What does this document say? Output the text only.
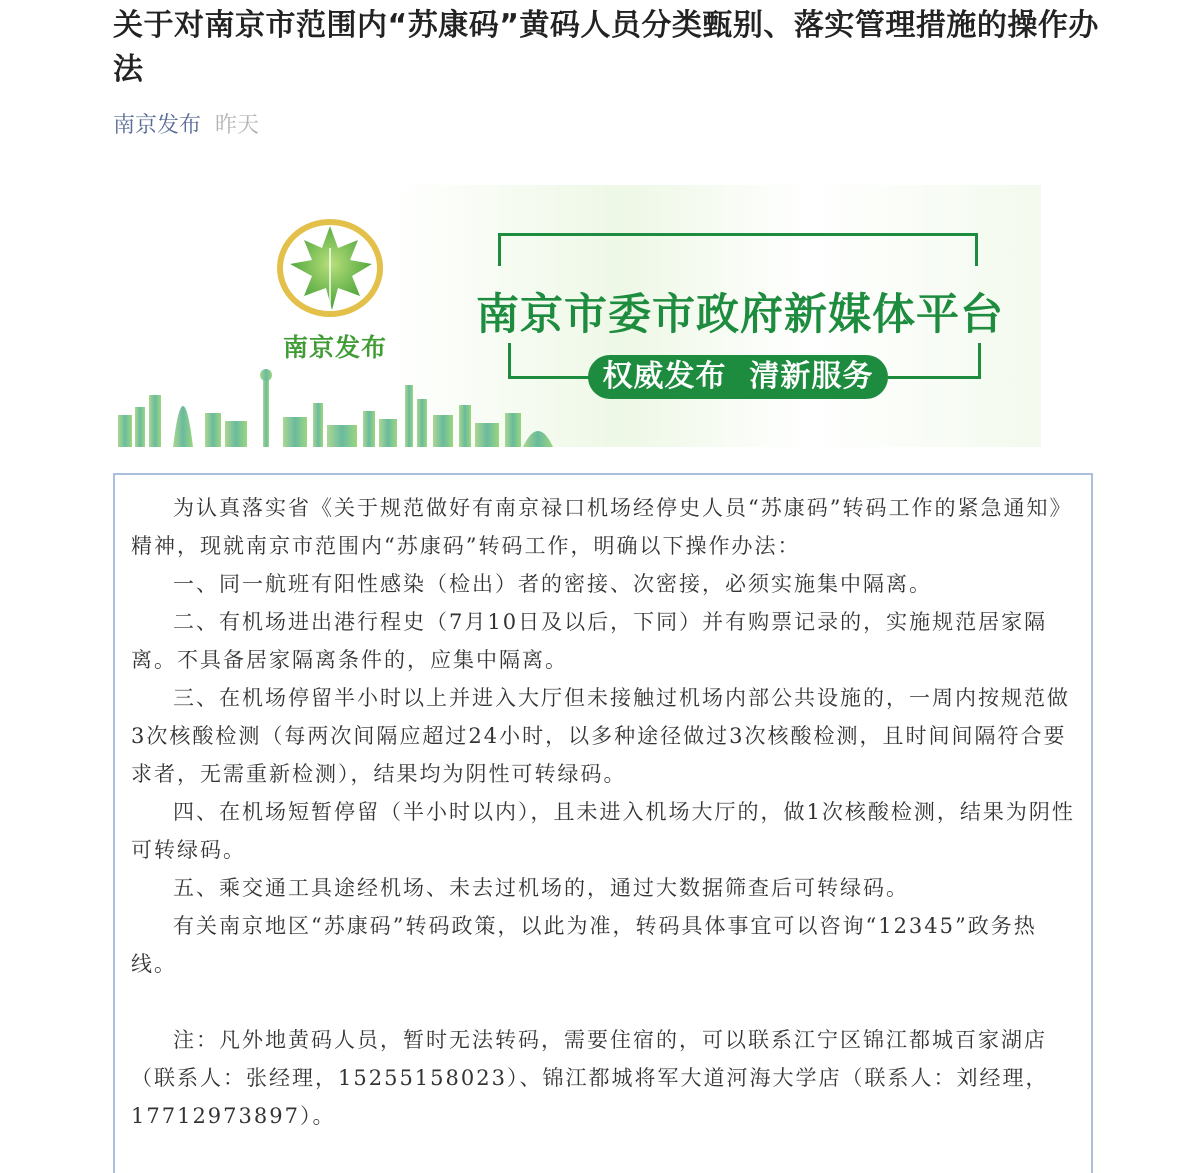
关于对南京市范围内“苏康码”黄码人员分类甄别、落实管理措施的操作办法
南京发布 昨天
南京发布
南京市委市政府新媒体平台
权威发布  清新服务

为认真落实省《关于规范做好有南京禄口机场经停史人员“苏康码”转码工作的紧急通知》精神，现就南京市范围内“苏康码”转码工作，明确以下操作办法：

一、同一航班有阳性感染（检出）者的密接、次密接，必须实施集中隔离。

二、有机场进出港行程史（7月10日及以后，下同）并有购票记录的，实施规范居家隔离。不具备居家隔离条件的，应集中隔离。

三、在机场停留半小时以上并进入大厅但未接触过机场内部公共设施的，一周内按规范做3次核酸检测（每两次间隔应超过24小时，以多种途径做过3次核酸检测，且时间间隔符合要求者，无需重新检测），结果均为阴性可转绿码。

四、在机场短暂停留（半小时以内），且未进入机场大厅的，做1次核酸检测，结果为阴性可转绿码。

五、乘交通工具途经机场、未去过机场的，通过大数据筛查后可转绿码。

有关南京地区“苏康码”转码政策，以此为准，转码具体事宜可以咨询“12345”政务热线。

注：凡外地黄码人员，暂时无法转码，需要住宿的，可以联系江宁区锦江都城百家湖店（联系人：张经理，15255158023）、锦江都城将军大道河海大学店（联系人：刘经理，17712973897）。
